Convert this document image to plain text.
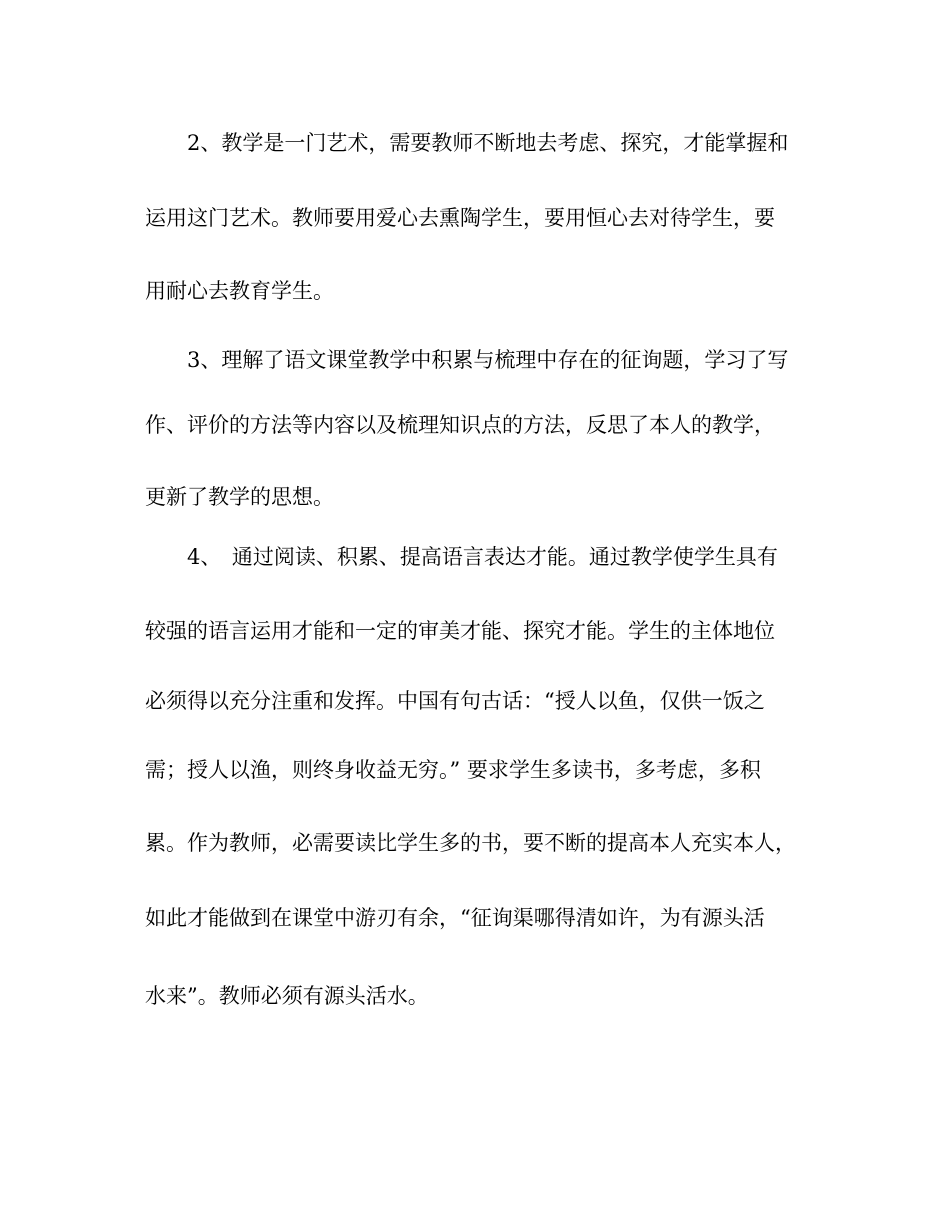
　　2、教学是一门艺术，需要教师不断地去考虑、探究，才能掌握和
运用这门艺术。教师要用爱心去熏陶学生，要用恒心去对待学生，要
用耐心去教育学生。
　　3、理解了语文课堂教学中积累与梳理中存在的征询题，学习了写
作、评价的方法等内容以及梳理知识点的方法，反思了本人的教学，
更新了教学的思想。
　　4、　通过阅读、积累、提高语言表达才能。通过教学使学生具有
较强的语言运用才能和一定的审美才能、探究才能。学生的主体地位
必须得以充分注重和发挥。中国有句古话：“授人以鱼，仅供一饭之
需；授人以渔，则终身收益无穷。” 要求学生多读书，多考虑，多积
累。作为教师，必需要读比学生多的书，要不断的提高本人充实本人，
如此才能做到在课堂中游刃有余，“征询渠哪得清如许，为有源头活
水来”。教师必须有源头活水。
